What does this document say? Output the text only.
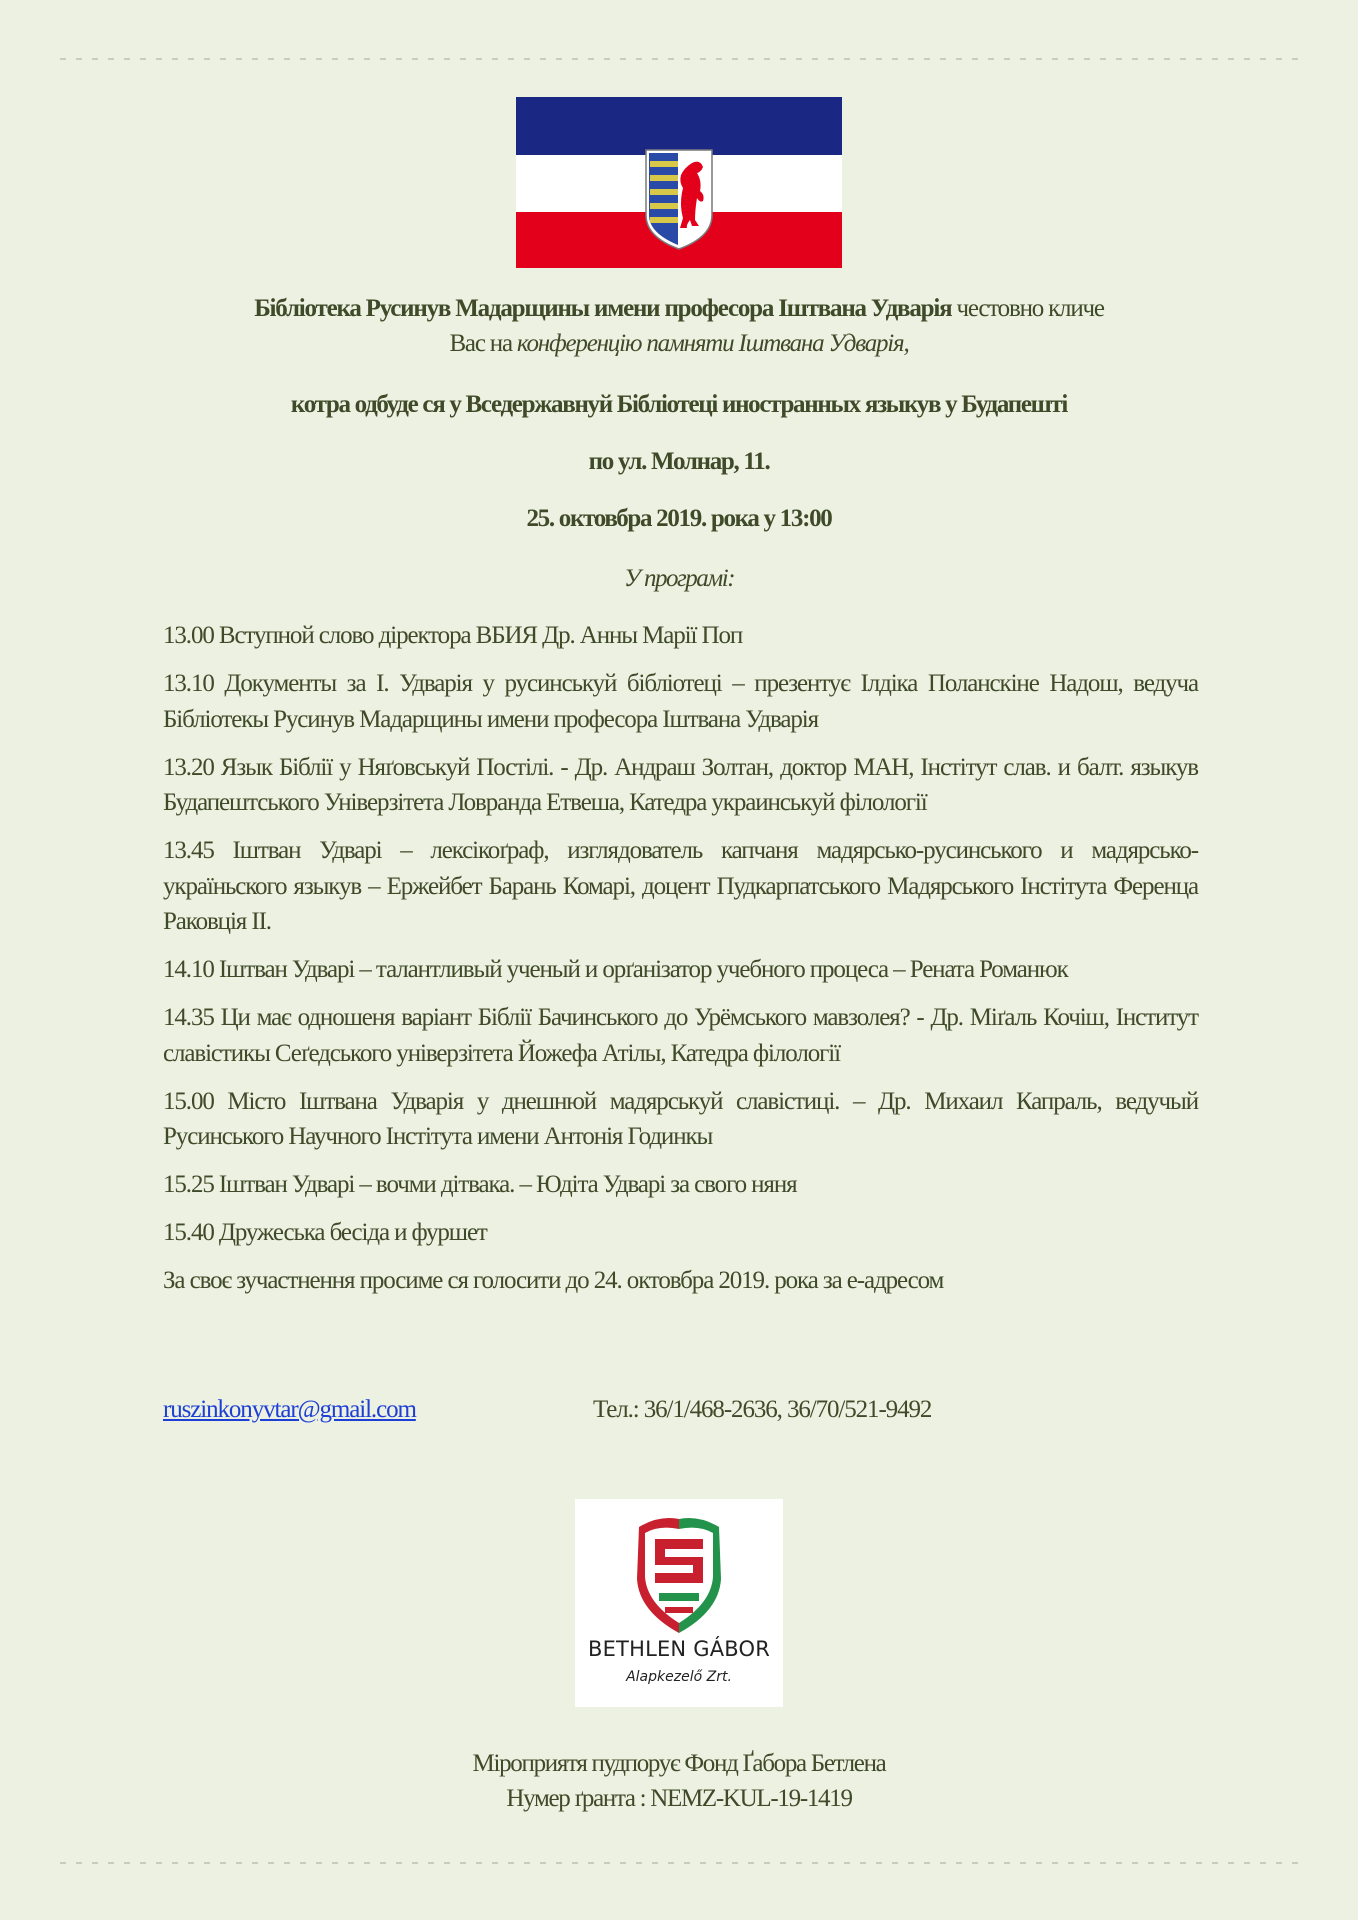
Бібліотека Русинув Мадарщины имени професора Іштвана Удварія честовно кличе
Вас на конференцію памняти Іштвана Удварія,
котра одбуде ся у Вседержавнуй Бібліотеці иностранных языкув у Будапешті
по ул. Молнар, 11.
25. октовбра 2019. рока у 13:00
У програмі:
13.00 Вступной слово діректора ВБИЯ Др. Анны Марії Поп
13.10 Документы за І. Удварія у русинськуй бібліотеці – презентує Ілдіка Поланскіне Надош, ведуча Бібліотекы Русинув Мадарщины имени професора Іштвана Удварія
13.20 Язык Біблії у Няґовськуй Постілі. - Др. Андраш Золтан, доктор МАН, Інстітут слав. и балт. языкув Будапештського Універзітета Ловранда Етвеша, Катедра украинськуй філології
13.45 Іштван Удварі – лексікоґраф, изглядователь капчаня мадярсько-русинського и мадярсько-україньского языкув – Ержейбет Барань Комарі, доцент Пудкарпатського Мадярського Інстітута Ференца Раковція ІІ.
14.10 Іштван Удварі – талантливый ученый и орґанізатор учебного процеса – Рената Романюк
14.35 Ци має одношеня варіант Біблії Бачинського до Урёмського мавзолея? - Др. Міґаль Кочіш, Інститут славістикы Сеґедського універзітета Йожефа Атілы, Катедра філології
15.00 Місто Іштвана Удварія у днешнюй мадярськуй славістиці. – Др. Михаил Капраль, ведучый Русинського Научного Інстітута имени Антонія Годинкы
15.25 Іштван Удварі – вочми дітвака. – Юдіта Удварі за свого няня
15.40 Дружеська бесіда и фуршет
За своє зучастнення просиме ся голосити до 24. октовбра 2019. рока за е-адресом
ruszinkonyvtar@gmail.com	Тел.: 36/1/468-2636, 36/70/521-9492
BETHLEN GÁBOR
Alapkezelő Zrt.
Міроприятя пудпорує Фонд Ґабора Бетлена
Нумер ґранта : NEMZ-KUL-19-1419
